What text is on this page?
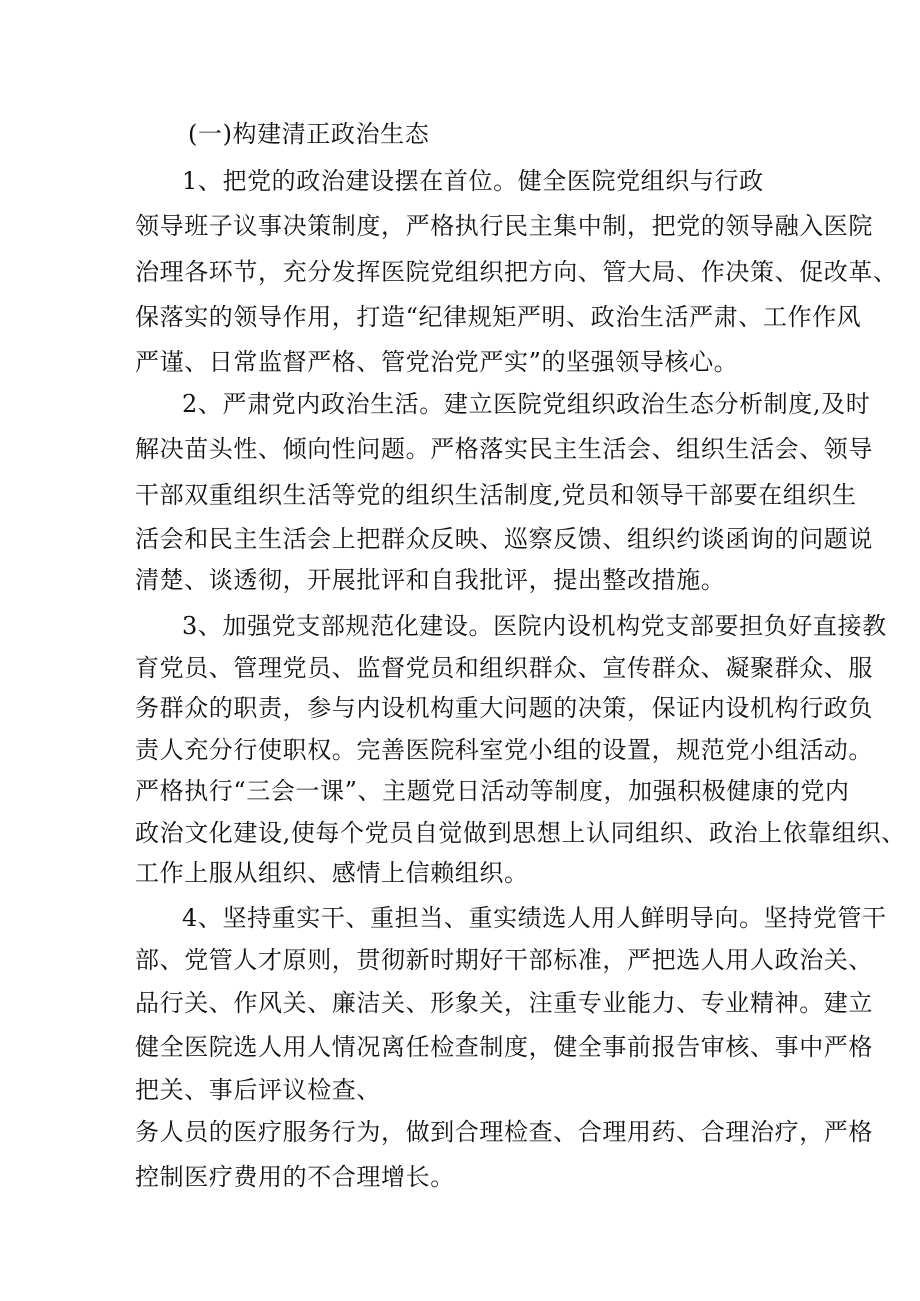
(一)构建清正政治生态
1、把党的政治建设摆在首位。健全医院党组织与行政
领导班子议事决策制度，严格执行民主集中制，把党的领导融入医院
治理各环节，充分发挥医院党组织把方向、管大局、作决策、促改革、
保落实的领导作用，打造“纪律规矩严明、政治生活严肃、工作作风
严谨、日常监督严格、管党治党严实”的坚强领导核心。
2、严肃党内政治生活。建立医院党组织政治生态分析制度,及时
解决苗头性、倾向性问题。严格落实民主生活会、组织生活会、领导
干部双重组织生活等党的组织生活制度,党员和领导干部要在组织生
活会和民主生活会上把群众反映、巡察反馈、组织约谈函询的问题说
清楚、谈透彻，开展批评和自我批评，提出整改措施。
3、加强党支部规范化建设。医院内设机构党支部要担负好直接教
育党员、管理党员、监督党员和组织群众、宣传群众、凝聚群众、服
务群众的职责，参与内设机构重大问题的决策，保证内设机构行政负
责人充分行使职权。完善医院科室党小组的设置，规范党小组活动。
严格执行“三会一课”、主题党日活动等制度，加强积极健康的党内
政治文化建设,使每个党员自觉做到思想上认同组织、政治上依靠组织、
工作上服从组织、感情上信赖组织。
4、坚持重实干、重担当、重实绩选人用人鲜明导向。坚持党管干
部、党管人才原则，贯彻新时期好干部标准，严把选人用人政治关、
品行关、作风关、廉洁关、形象关，注重专业能力、专业精神。建立
健全医院选人用人情况离任检查制度，健全事前报告审核、事中严格
把关、事后评议检查、
务人员的医疗服务行为，做到合理检查、合理用药、合理治疗，严格
控制医疗费用的不合理增长。
